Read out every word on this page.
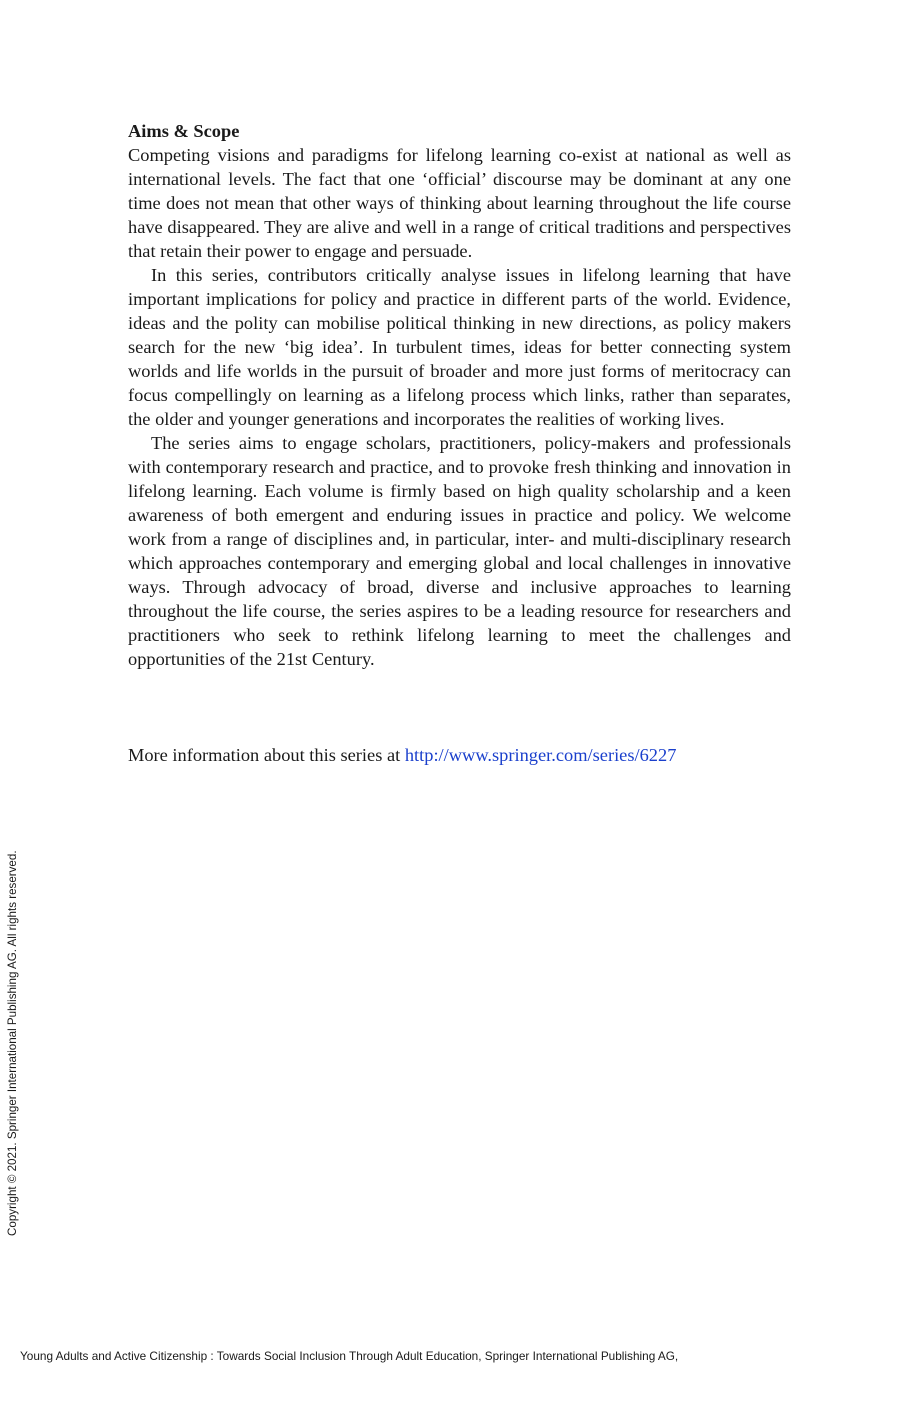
Aims & Scope

Competing visions and paradigms for lifelong learning co-exist at national as well as international levels. The fact that one ‘official’ discourse may be dominant at any one time does not mean that other ways of thinking about learning throughout the life course have disappeared. They are alive and well in a range of critical traditions and perspectives that retain their power to engage and persuade.

In this series, contributors critically analyse issues in lifelong learning that have important implications for policy and practice in different parts of the world. Evidence, ideas and the polity can mobilise political thinking in new directions, as policy makers search for the new ‘big idea’. In turbulent times, ideas for better connecting system worlds and life worlds in the pursuit of broader and more just forms of meritocracy can focus compellingly on learning as a lifelong process which links, rather than separates, the older and younger generations and incorporates the realities of working lives.

The series aims to engage scholars, practitioners, policy-makers and professionals with contemporary research and practice, and to provoke fresh thinking and innovation in lifelong learning. Each volume is firmly based on high quality scholarship and a keen awareness of both emergent and enduring issues in practice and policy. We welcome work from a range of disciplines and, in particular, inter- and multi-disciplinary research which approaches contemporary and emerging global and local challenges in innovative ways. Through advocacy of broad, diverse and inclusive approaches to learning throughout the life course, the series aspires to be a leading resource for researchers and practitioners who seek to rethink lifelong learning to meet the challenges and opportunities of the 21st Century.

More information about this series at http://www.springer.com/series/6227
Copyright © 2021. Springer International Publishing AG. All rights reserved.
Young Adults and Active Citizenship : Towards Social Inclusion Through Adult Education, Springer International Publishing AG,
